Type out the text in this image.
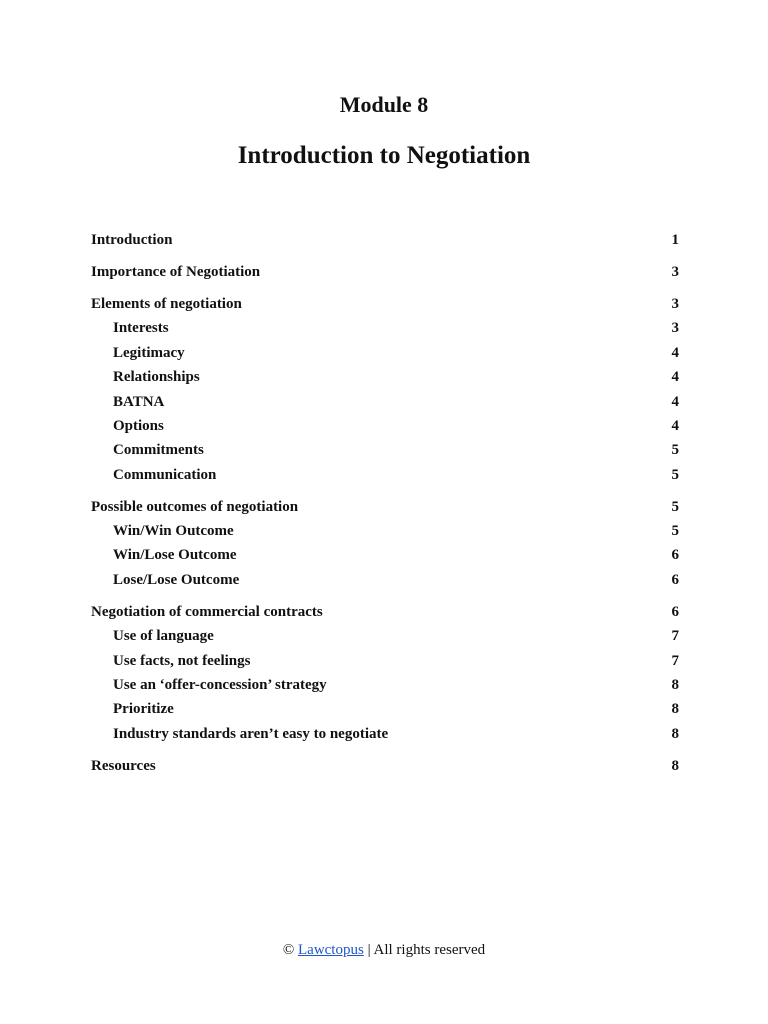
Module 8
Introduction to Negotiation
Introduction	1
Importance of Negotiation	3
Elements of negotiation	3
Interests	3
Legitimacy	4
Relationships	4
BATNA	4
Options	4
Commitments	5
Communication	5
Possible outcomes of negotiation	5
Win/Win Outcome	5
Win/Lose Outcome	6
Lose/Lose Outcome	6
Negotiation of commercial contracts	6
Use of language	7
Use facts, not feelings	7
Use an ‘offer-concession’ strategy	8
Prioritize	8
Industry standards aren’t easy to negotiate	8
Resources	8
© Lawctopus | All rights reserved
